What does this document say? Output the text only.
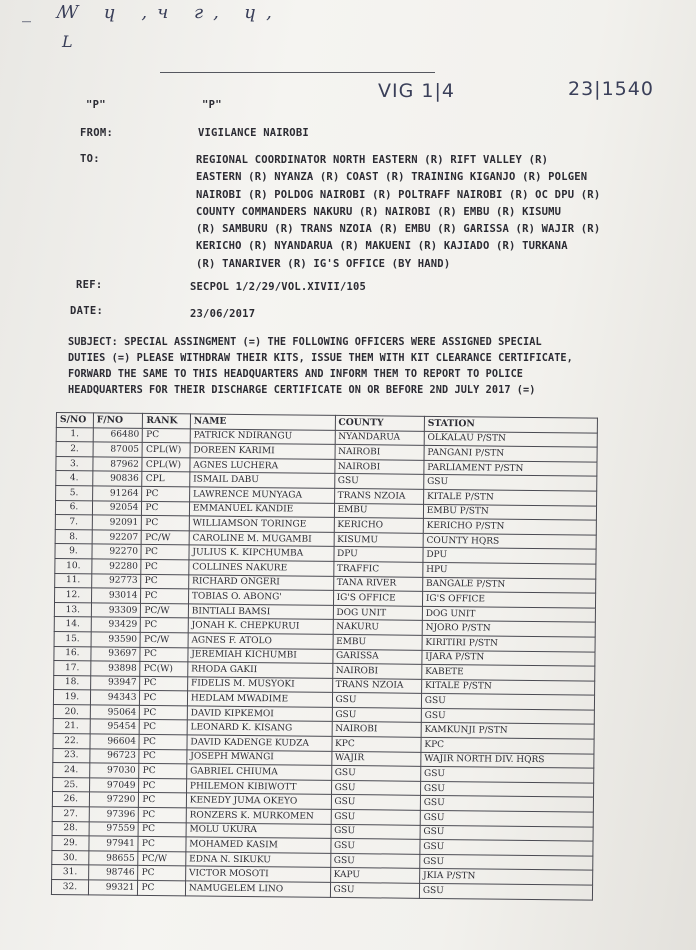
_ ꟿ ɥ ,ч г, ɥ,
L
VIG 1|4	23|1540
"P"	"P"
FROM:	VIGILANCE NAIROBI
TO:	REGIONAL COORDINATOR NORTH EASTERN (R) RIFT VALLEY (R)
EASTERN (R) NYANZA (R) COAST (R) TRAINING KIGANJO (R) POLGEN
NAIROBI (R) POLDOG NAIROBI (R) POLTRAFF NAIROBI (R) OC DPU (R)
COUNTY COMMANDERS NAKURU (R) NAIROBI (R) EMBU (R) KISUMU
(R) SAMBURU (R) TRANS NZOIA (R) EMBU (R) GARISSA (R) WAJIR (R)
KERICHO (R) NYANDARUA (R) MAKUENI (R) KAJIADO (R) TURKANA
(R) TANARIVER (R) IG'S OFFICE (BY HAND)
REF:	SECPOL 1/2/29/VOL.XIVII/105
DATE:	23/06/2017
SUBJECT: SPECIAL ASSINGMENT (=) THE FOLLOWING OFFICERS WERE ASSIGNED SPECIAL
DUTIES (=) PLEASE WITHDRAW THEIR KITS, ISSUE THEM WITH KIT CLEARANCE CERTIFICATE,
FORWARD THE SAME TO THIS HEADQUARTERS AND INFORM THEM TO REPORT TO POLICE
HEADQUARTERS FOR THEIR DISCHARGE CERTIFICATE ON OR BEFORE 2ND JULY 2017 (=)
S/NO	F/NO	RANK	NAME	COUNTY	STATION
1.	66480	PC	PATRICK NDIRANGU	NYANDARUA	OLKALAU P/STN
2.	87005	CPL(W)	DOREEN KARIMI	NAIROBI	PANGANI P/STN
3.	87962	CPL(W)	AGNES LUCHERA	NAIROBI	PARLIAMENT P/STN
4.	90836	CPL	ISMAIL DABU	GSU	GSU
5.	91264	PC	LAWRENCE MUNYAGA	TRANS NZOIA	KITALE P/STN
6.	92054	PC	EMMANUEL KANDIE	EMBU	EMBU P/STN
7.	92091	PC	WILLIAMSON TORINGE	KERICHO	KERICHO P/STN
8.	92207	PC/W	CAROLINE M. MUGAMBI	KISUMU	COUNTY HQRS
9.	92270	PC	JULIUS K. KIPCHUMBA	DPU	DPU
10.	92280	PC	COLLINES NAKURE	TRAFFIC	HPU
11.	92773	PC	RICHARD ONGERI	TANA RIVER	BANGALE P/STN
12.	93014	PC	TOBIAS O. ABONG'	IG'S OFFICE	IG'S OFFICE
13.	93309	PC/W	BINTIALI BAMSI	DOG UNIT	DOG UNIT
14.	93429	PC	JONAH K. CHEPKURUI	NAKURU	NJORO P/STN
15.	93590	PC/W	AGNES F. ATOLO	EMBU	KIRITIRI P/STN
16.	93697	PC	JEREMIAH KICHUMBI	GARISSA	IJARA P/STN
17.	93898	PC(W)	RHODA GAKII	NAIROBI	KABETE
18.	93947	PC	FIDELIS M. MUSYOKI	TRANS NZOIA	KITALE P/STN
19.	94343	PC	HEDLAM MWADIME	GSU	GSU
20.	95064	PC	DAVID KIPKEMOI	GSU	GSU
21.	95454	PC	LEONARD K. KISANG	NAIROBI	KAMKUNJI P/STN
22.	96604	PC	DAVID KADENGE KUDZA	KPC	KPC
23.	96723	PC	JOSEPH MWANGI	WAJIR	WAJIR NORTH DIV. HQRS
24.	97030	PC	GABRIEL CHIUMA	GSU	GSU
25.	97049	PC	PHILEMON KIBIWOTT	GSU	GSU
26.	97290	PC	KENEDY JUMA OKEYO	GSU	GSU
27.	97396	PC	RONZERS K. MURKOMEN	GSU	GSU
28.	97559	PC	MOLU UKURA	GSU	GSU
29.	97941	PC	MOHAMED KASIM	GSU	GSU
30.	98655	PC/W	EDNA N. SIKUKU	GSU	GSU
31.	98746	PC	VICTOR MOSOTI	KAPU	JKIA P/STN
32.	99321	PC	NAMUGELEM LINO	GSU	GSU
